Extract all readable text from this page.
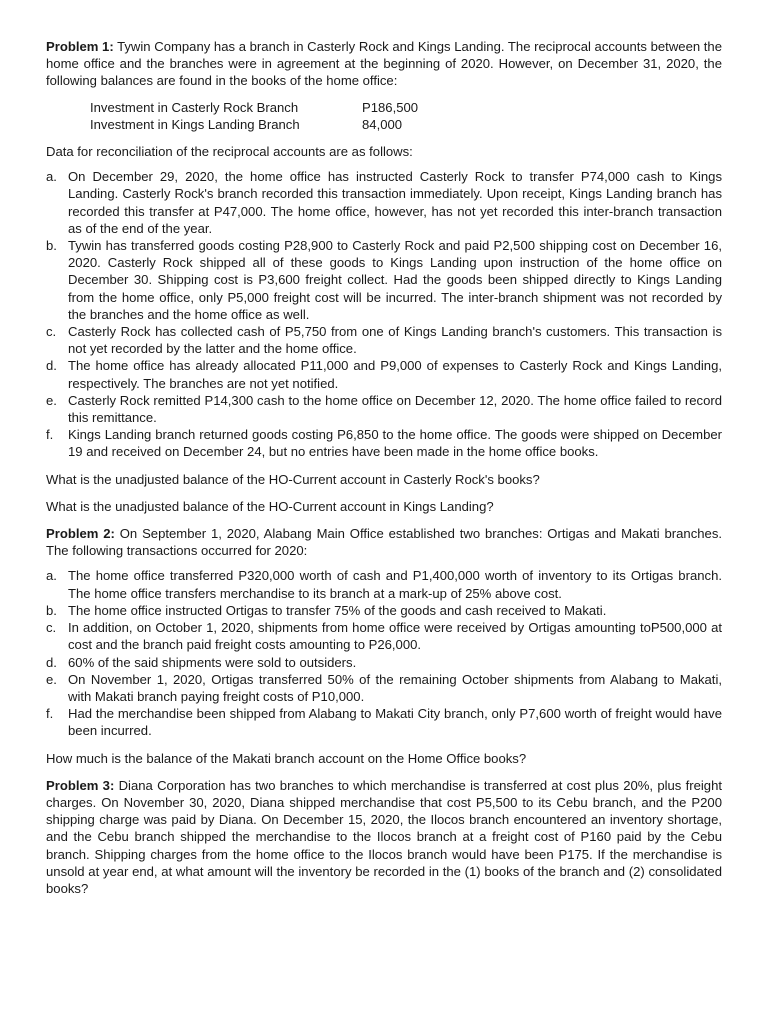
Problem 1: Tywin Company has a branch in Casterly Rock and Kings Landing. The reciprocal accounts between the home office and the branches were in agreement at the beginning of 2020. However, on December 31, 2020, the following balances are found in the books of the home office:

Investment in Casterly Rock Branch	P186,500
Investment in Kings Landing Branch	84,000

Data for reconciliation of the reciprocal accounts are as follows:

a. On December 29, 2020, the home office has instructed Casterly Rock to transfer P74,000 cash to Kings Landing. Casterly Rock's branch recorded this transaction immediately. Upon receipt, Kings Landing branch has recorded this transfer at P47,000. The home office, however, has not yet recorded this inter-branch transaction as of the end of the year.
b. Tywin has transferred goods costing P28,900 to Casterly Rock and paid P2,500 shipping cost on December 16, 2020. Casterly Rock shipped all of these goods to Kings Landing upon instruction of the home office on December 30. Shipping cost is P3,600 freight collect. Had the goods been shipped directly to Kings Landing from the home office, only P5,000 freight cost will be incurred. The inter-branch shipment was not recorded by the branches and the home office as well.
c. Casterly Rock has collected cash of P5,750 from one of Kings Landing branch's customers. This transaction is not yet recorded by the latter and the home office.
d. The home office has already allocated P11,000 and P9,000 of expenses to Casterly Rock and Kings Landing, respectively. The branches are not yet notified.
e. Casterly Rock remitted P14,300 cash to the home office on December 12, 2020. The home office failed to record this remittance.
f.	Kings Landing branch returned goods costing P6,850 to the home office. The goods were shipped on December 19 and received on December 24, but no entries have been made in the home office books.

What is the unadjusted balance of the HO-Current account in Casterly Rock's books?

What is the unadjusted balance of the HO-Current account in Kings Landing?

Problem 2: On September 1, 2020, Alabang Main Office established two branches: Ortigas and Makati branches. The following transactions occurred for 2020:

a. The home office transferred P320,000 worth of cash and P1,400,000 worth of inventory to its Ortigas branch. The home office transfers merchandise to its branch at a mark-up of 25% above cost.
b. The home office instructed Ortigas to transfer 75% of the goods and cash received to Makati.
c. In addition, on October 1, 2020, shipments from home office were received by Ortigas amounting toP500,000 at cost and the branch paid freight costs amounting to P26,000.
d. 60% of the said shipments were sold to outsiders.
e. On November 1, 2020, Ortigas transferred 50% of the remaining October shipments from Alabang to Makati, with Makati branch paying freight costs of P10,000.
f.	Had the merchandise been shipped from Alabang to Makati City branch, only P7,600 worth of freight would have been incurred.

How much is the balance of the Makati branch account on the Home Office books?

Problem 3: Diana Corporation has two branches to which merchandise is transferred at cost plus 20%, plus freight charges. On November 30, 2020, Diana shipped merchandise that cost P5,500 to its Cebu branch, and the P200 shipping charge was paid by Diana. On December 15, 2020, the Ilocos branch encountered an inventory shortage, and the Cebu branch shipped the merchandise to the Ilocos branch at a freight cost of P160 paid by the Cebu branch. Shipping charges from the home office to the Ilocos branch would have been P175. If the merchandise is unsold at year end, at what amount will the inventory be recorded in the (1) books of the branch and (2) consolidated books?
